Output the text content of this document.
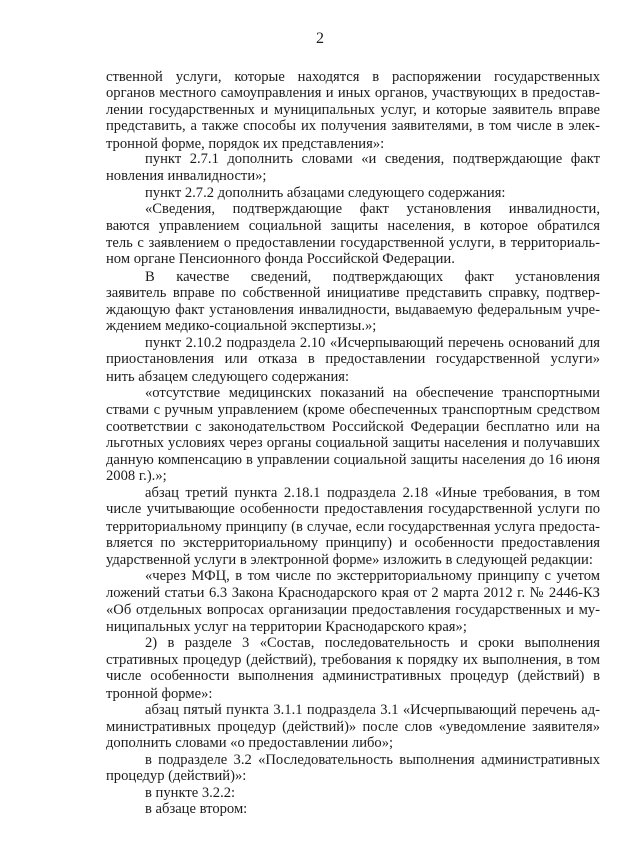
2
ственной услуги, которые находятся в распоряжении государственных
органов местного самоуправления и иных органов, участвующих в предостав-
лении государственных и муниципальных услуг, и которые заявитель вправе
представить, а также способы их получения заявителями, в том числе в элек-
тронной форме, порядок их представления»:
пункт 2.7.1 дополнить словами «и сведения, подтверждающие факт
новления инвалидности»;
пункт 2.7.2 дополнить абзацами следующего содержания:
«Сведения, подтверждающие факт установления инвалидности,
ваются управлением социальной защиты населения, в которое обратился
тель с заявлением о предоставлении государственной услуги, в территориаль-
ном органе Пенсионного фонда Российской Федерации.
В качестве сведений, подтверждающих факт установления
заявитель вправе по собственной инициативе представить справку, подтвер-
ждающую факт установления инвалидности, выдаваемую федеральным учре-
ждением медико-социальной экспертизы.»;
пункт 2.10.2 подраздела 2.10 «Исчерпывающий перечень оснований для
приостановления или отказа в предоставлении государственной услуги»
нить абзацем следующего содержания:
«отсутствие медицинских показаний на обеспечение транспортными
ствами с ручным управлением (кроме обеспеченных транспортным средством
соответствии с законодательством Российской Федерации бесплатно или на
льготных условиях через органы социальной защиты населения и получавших
данную компенсацию в управлении социальной защиты населения до 16 июня
2008 г.).»;
абзац третий пункта 2.18.1 подраздела 2.18 «Иные требования, в том
числе учитывающие особенности предоставления государственной услуги по
территориальному принципу (в случае, если государственная услуга предоста-
вляется по экстерриториальному принципу) и особенности предоставления
ударственной услуги в электронной форме» изложить в следующей редакции:
«через МФЦ, в том числе по экстерриториальному принципу с учетом
ложений статьи 6.3 Закона Краснодарского края от 2 марта 2012 г. № 2446-КЗ
«Об отдельных вопросах организации предоставления государственных и му-
ниципальных услуг на территории Краснодарского края»;
2) в разделе 3 «Состав, последовательность и сроки выполнения
стративных процедур (действий), требования к порядку их выполнения, в том
числе особенности выполнения административных процедур (действий) в
тронной форме»:
абзац пятый пункта 3.1.1 подраздела 3.1 «Исчерпывающий перечень ад-
министративных процедур (действий)» после слов «уведомление заявителя»
дополнить словами «о предоставлении либо»;
в подразделе 3.2 «Последовательность выполнения административных
процедур (действий)»:
в пункте 3.2.2:
в абзаце втором:
